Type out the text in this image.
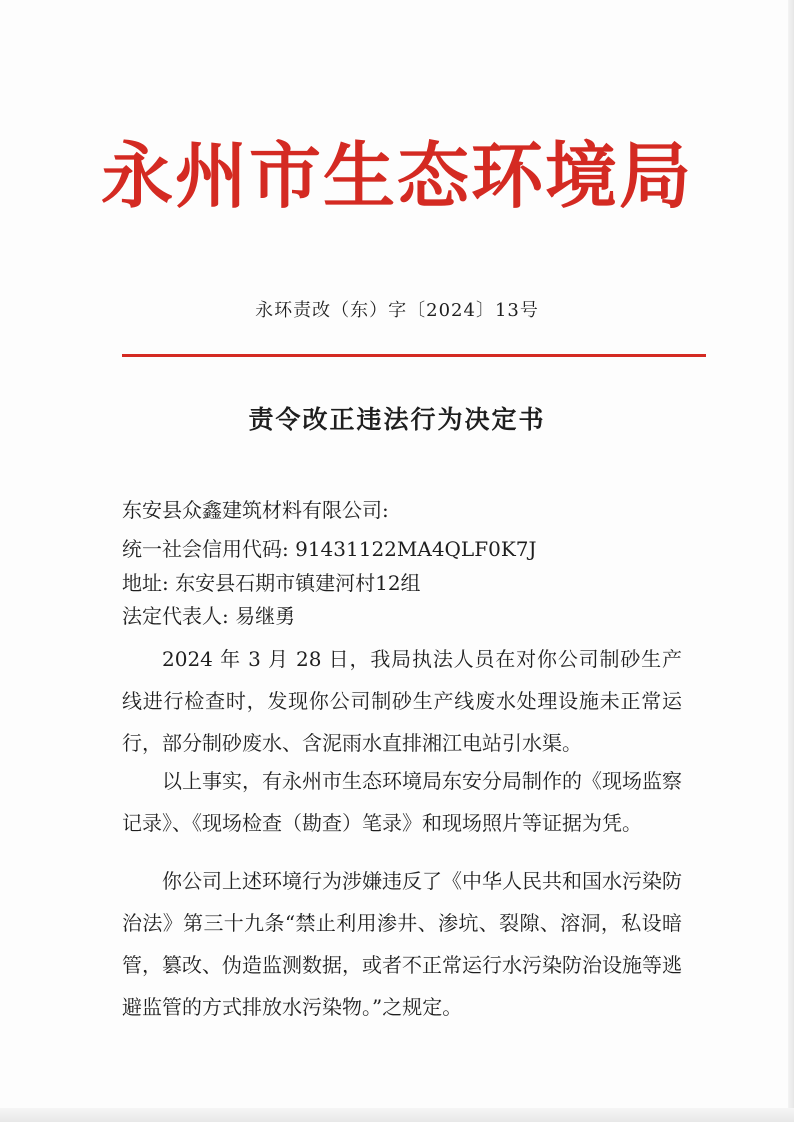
永州市生态环境局
永环责改（东）字〔2024〕13号
责令改正违法行为决定书
东安县众鑫建筑材料有限公司:
统一社会信用代码: 91431122MA4QLF0K7J
地址: 东安县石期市镇建河村12组
法定代表人: 易继勇
2024 年 3 月 28 日，我局执法人员在对你公司制砂生产线进行检查时，发现你公司制砂生产线废水处理设施未正常运行，部分制砂废水、含泥雨水直排湘江电站引水渠。
以上事实，有永州市生态环境局东安分局制作的《现场监察记录》、《现场检查（勘查）笔录》和现场照片等证据为凭。
你公司上述环境行为涉嫌违反了《中华人民共和国水污染防治法》第三十九条“禁止利用渗井、渗坑、裂隙、溶洞，私设暗管，篡改、伪造监测数据，或者不正常运行水污染防治设施等逃避监管的方式排放水污染物。”之规定。
